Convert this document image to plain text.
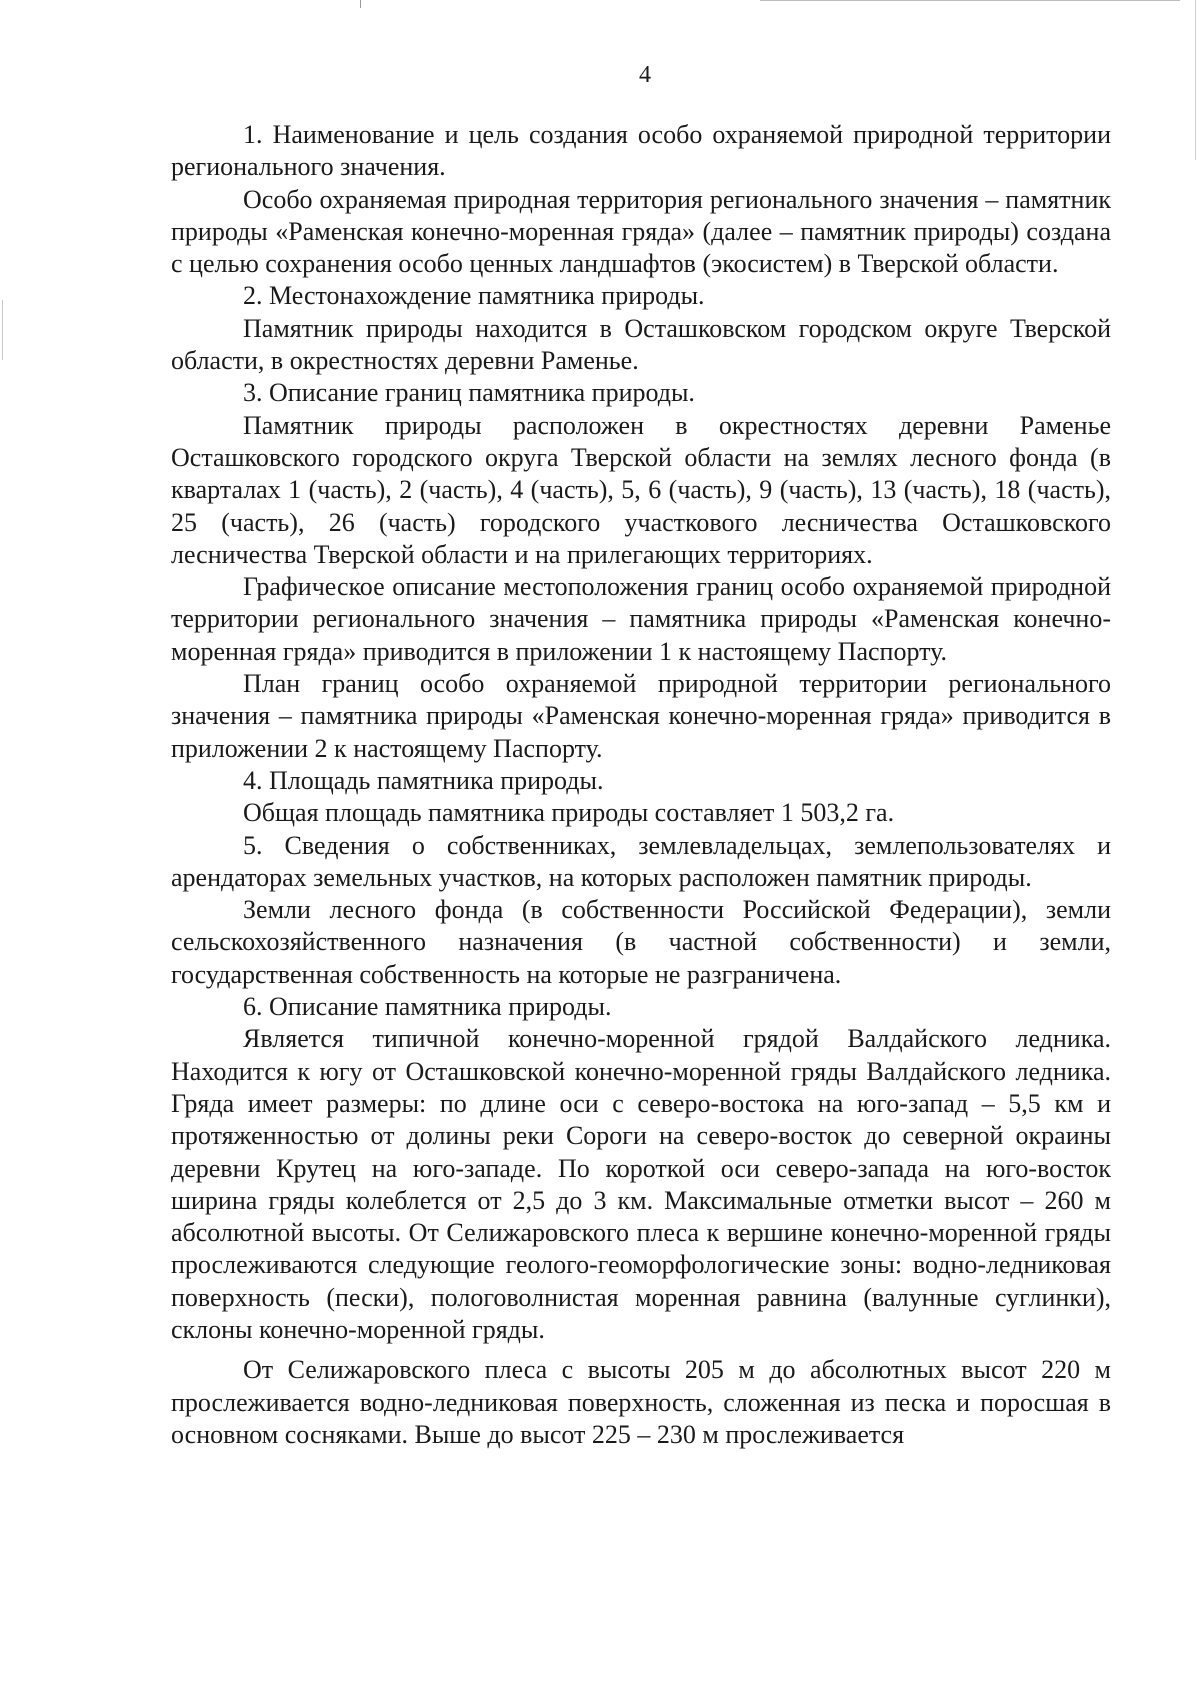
4

1. Наименование и цель создания особо охраняемой природной территории регионального значения.

Особо охраняемая природная территория регионального значения – памятник природы «Раменская конечно-моренная гряда» (далее – памятник природы) создана с целью сохранения особо ценных ландшафтов (экосистем) в Тверской области.

2. Местонахождение памятника природы.

Памятник природы находится в Осташковском городском округе Тверской области, в окрестностях деревни Раменье.

3. Описание границ памятника природы.

Памятник природы расположен в окрестностях деревни Раменье Осташковского городского округа Тверской области на землях лесного фонда (в кварталах 1 (часть), 2 (часть), 4 (часть), 5, 6 (часть), 9 (часть), 13 (часть), 18 (часть), 25 (часть), 26 (часть) городского участкового лесничества Осташковского лесничества Тверской области и на прилегающих территориях.

Графическое описание местоположения границ особо охраняемой природной территории регионального значения – памятника природы «Раменская конечно-моренная гряда» приводится в приложении 1 к настоящему Паспорту.

План границ особо охраняемой природной территории регионального значения – памятника природы «Раменская конечно-моренная гряда» приводится в приложении 2 к настоящему Паспорту.

4. Площадь памятника природы.

Общая площадь памятника природы составляет 1 503,2 га.

5. Сведения о собственниках, землевладельцах, землепользователях и арендаторах земельных участков, на которых расположен памятник природы.

Земли лесного фонда (в собственности Российской Федерации), земли сельскохозяйственного назначения (в частной собственности) и земли, государственная собственность на которые не разграничена.

6. Описание памятника природы.

Является типичной конечно-моренной грядой Валдайского ледника. Находится к югу от Осташковской конечно-моренной гряды Валдайского ледника. Гряда имеет размеры: по длине оси с северо-востока на юго-запад – 5,5 км и протяженностью от долины реки Сороги на северо-восток до северной окраины деревни Крутец на юго-западе. По короткой оси северо-запада на юго-восток ширина гряды колеблется от 2,5 до 3 км. Максимальные отметки высот – 260 м абсолютной высоты. От Селижаровского плеса к вершине конечно-моренной гряды прослеживаются следующие геолого-геоморфологические зоны: водно-ледниковая поверхность (пески), пологоволнистая моренная равнина (валунные суглинки), склоны конечно-моренной гряды.

От Селижаровского плеса с высоты 205 м до абсолютных высот 220 м прослеживается водно-ледниковая поверхность, сложенная из песка и поросшая в основном сосняками. Выше до высот 225 – 230 м прослеживается
